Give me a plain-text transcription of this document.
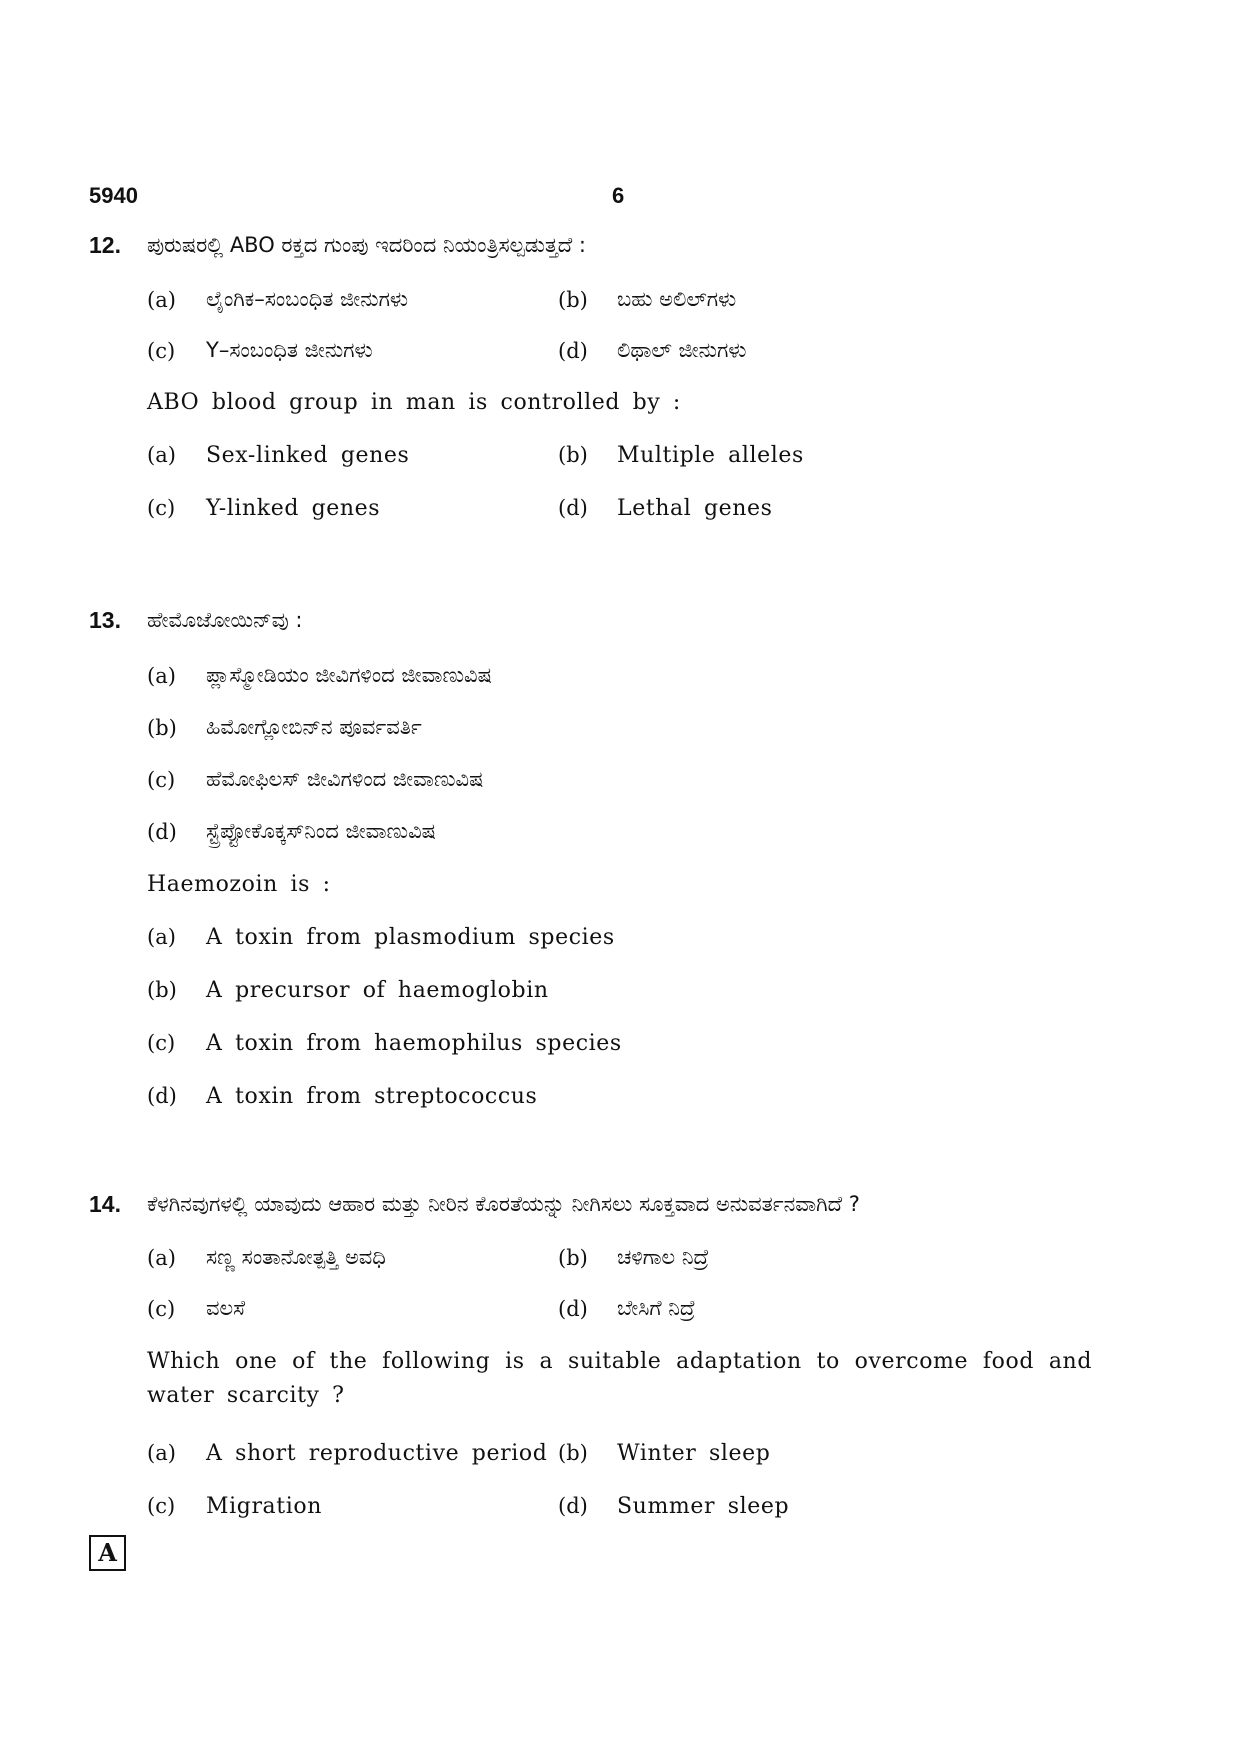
5940	6
12. ಪುರುಷರಲ್ಲಿ ABO ರಕ್ತದ ಗುಂಪು ಇದರಿಂದ ನಿಯಂತ್ರಿಸಲ್ಪಡುತ್ತದೆ :
(a) ಲೈಂಗಿಕ–ಸಂಬಂಧಿತ ಜೀನುಗಳು	(b) ಬಹು ಅಲಿಲ್‌ಗಳು
(c) Y–ಸಂಬಂಧಿತ ಜೀನುಗಳು	(d) ಲಿಥಾಲ್ ಜೀನುಗಳು
ABO blood group in man is controlled by :
(a) Sex-linked genes	(b) Multiple alleles
(c) Y-linked genes	(d) Lethal genes
13. ಹೇಮೊಜೋಯಿನ್‌ವು :
(a) ಪ್ಲಾಸ್ಮೋಡಿಯಂ ಜೀವಿಗಳಿಂದ ಜೀವಾಣುವಿಷ
(b) ಹಿಮೋಗ್ಲೋಬಿನ್‌ನ ಪೂರ್ವವರ್ತಿ
(c) ಹೆಮೋಫಿಲಸ್ ಜೀವಿಗಳಿಂದ ಜೀವಾಣುವಿಷ
(d) ಸ್ಟ್ರೆಪ್ಟೋಕೊಕ್ಕಸ್‌ನಿಂದ ಜೀವಾಣುವಿಷ
Haemozoin is :
(a) A toxin from plasmodium species
(b) A precursor of haemoglobin
(c) A toxin from haemophilus species
(d) A toxin from streptococcus
14. ಕೆಳಗಿನವುಗಳಲ್ಲಿ ಯಾವುದು ಆಹಾರ ಮತ್ತು ನೀರಿನ ಕೊರತೆಯನ್ನು ನೀಗಿಸಲು ಸೂಕ್ತವಾದ ಅನುವರ್ತನವಾಗಿದೆ ?
(a) ಸಣ್ಣ ಸಂತಾನೋತ್ಪತ್ತಿ ಅವಧಿ	(b) ಚಳಿಗಾಲ ನಿದ್ರೆ
(c) ವಲಸೆ	(d) ಬೇಸಿಗೆ ನಿದ್ರೆ
Which one of the following is a suitable adaptation to overcome food and water scarcity ?
(a) A short reproductive period (b) Winter sleep
(c) Migration	(d) Summer sleep
A
